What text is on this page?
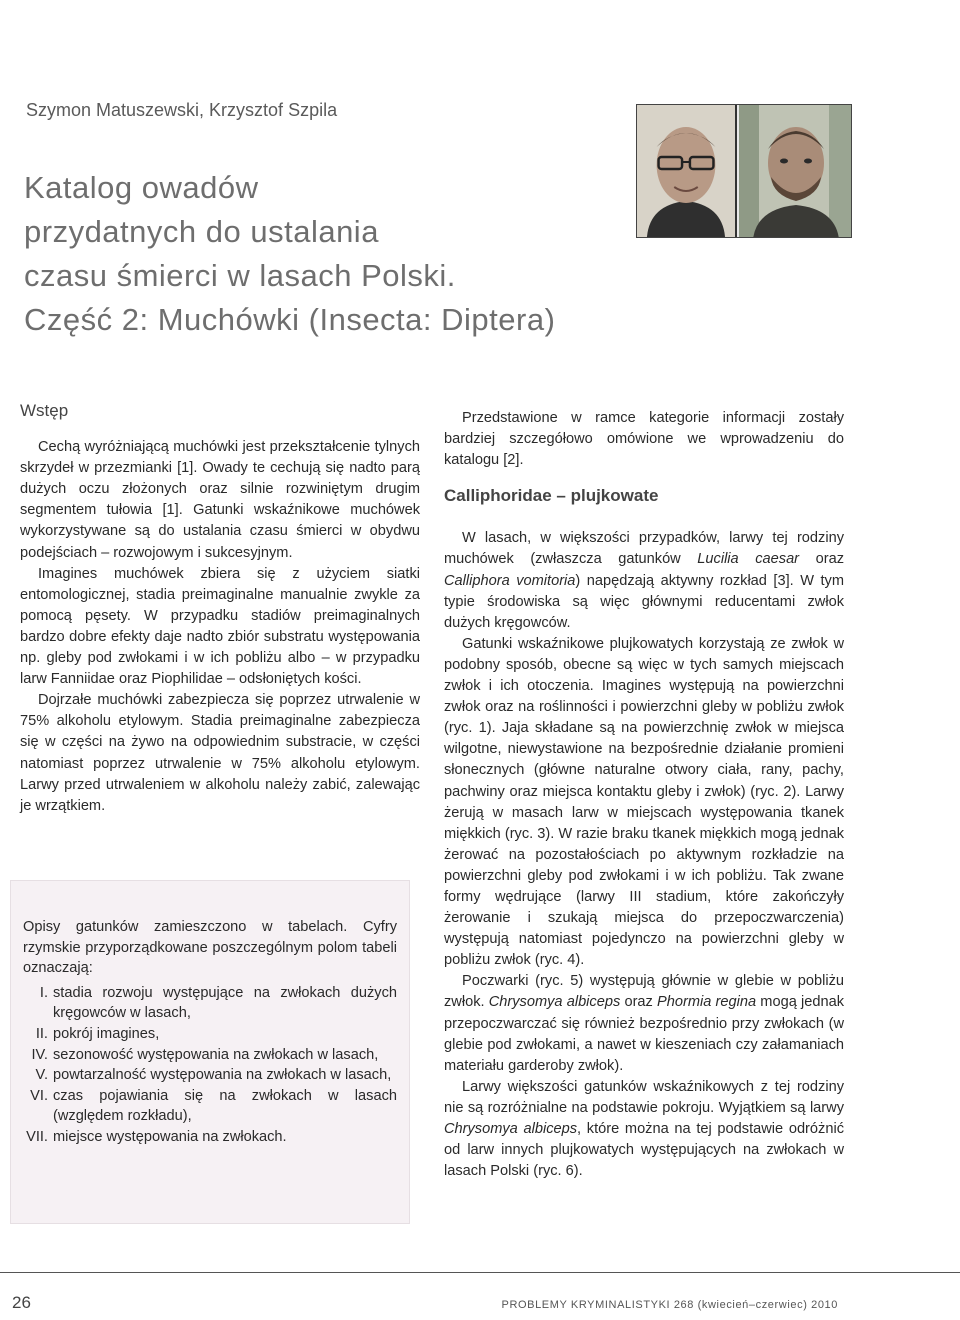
Szymon Matuszewski, Krzysztof Szpila
Katalog owadów
przydatnych do ustalania
czasu śmierci w lasach Polski.
Część 2: Muchówki (Insecta: Diptera)
Wstęp

Cechą wyróżniającą muchówki jest przekształcenie tylnych skrzydeł w przezmianki [1]. Owady te cechują się nadto parą dużych oczu złożonych oraz silnie rozwiniętym drugim segmentem tułowia [1]. Gatunki wskaźnikowe muchówek wykorzystywane są do ustalania czasu śmierci w obydwu podejściach – rozwojowym i sukcesyjnym.

Imagines muchówek zbiera się z użyciem siatki entomologicznej, stadia preimaginalne manualnie zwykle za pomocą pęsety. W przypadku stadiów preimaginalnych bardzo dobre efekty daje nadto zbiór substratu występowania np. gleby pod zwłokami i w ich pobliżu albo – w przypadku larw Fanniidae oraz Piophilidae – odsłoniętych kości.

Dojrzałe muchówki zabezpiecza się poprzez utrwalenie w 75% alkoholu etylowym. Stadia preimaginalne zabezpiecza się w części na żywo na odpowiednim substracie, w części natomiast poprzez utrwalenie w 75% alkoholu etylowym. Larwy przed utrwaleniem w alkoholu należy zabić, zalewając je wrzątkiem.

Opisy gatunków zamieszczono w tabelach. Cyfry rzymskie przyporządkowane poszczególnym polom tabeli oznaczają:

I. stadia rozwoju występujące na zwłokach dużych kręgowców w lasach,
II. pokrój imagines,
IV. sezonowość występowania na zwłokach w lasach,
V. powtarzalność występowania na zwłokach w lasach,
VI. czas pojawiania się na zwłokach w lasach (względem rozkładu),
VII. miejsce występowania na zwłokach.

Przedstawione w ramce kategorie informacji zostały bardziej szczegółowo omówione we wprowadzeniu do katalogu [2].

Calliphoridae – plujkowate

W lasach, w większości przypadków, larwy tej rodziny muchówek (zwłaszcza gatunków Lucilia caesar oraz Calliphora vomitoria) napędzają aktywny rozkład [3]. W tym typie środowiska są więc głównymi reducentami zwłok dużych kręgowców.

Gatunki wskaźnikowe plujkowatych korzystają ze zwłok w podobny sposób, obecne są więc w tych samych miejscach zwłok i ich otoczenia. Imagines występują na powierzchni zwłok oraz na roślinności i powierzchni gleby w pobliżu zwłok (ryc. 1). Jaja składane są na powierzchnię zwłok w miejsca wilgotne, niewystawione na bezpośrednie działanie promieni słonecznych (główne naturalne otwory ciała, rany, pachy, pachwiny oraz miejsca kontaktu gleby i zwłok) (ryc. 2). Larwy żerują w masach larw w miejscach występowania tkanek miękkich (ryc. 3). W razie braku tkanek miękkich mogą jednak żerować na pozostałościach po aktywnym rozkładzie na powierzchni gleby pod zwłokami i w ich pobliżu. Tak zwane formy wędrujące (larwy III stadium, które zakończyły żerowanie i szukają miejsca do przepoczwarczenia) występują natomiast pojedynczo na powierzchni gleby w pobliżu zwłok (ryc. 4).

Poczwarki (ryc. 5) występują głównie w glebie w pobliżu zwłok. Chrysomya albiceps oraz Phormia regina mogą jednak przepoczwarczać się również bezpośrednio przy zwłokach (w glebie pod zwłokami, a nawet w kieszeniach czy załamaniach materiału garderoby zwłok).

Larwy większości gatunków wskaźnikowych z tej rodziny nie są rozróżnialne na podstawie pokroju. Wyjątkiem są larwy Chrysomya albiceps, które można na tej podstawie odróżnić od larw innych plujkowatych występujących na zwłokach w lasach Polski (ryc. 6).

26	PROBLEMY KRYMINALISTYKI 268 (kwiecień–czerwiec) 2010
